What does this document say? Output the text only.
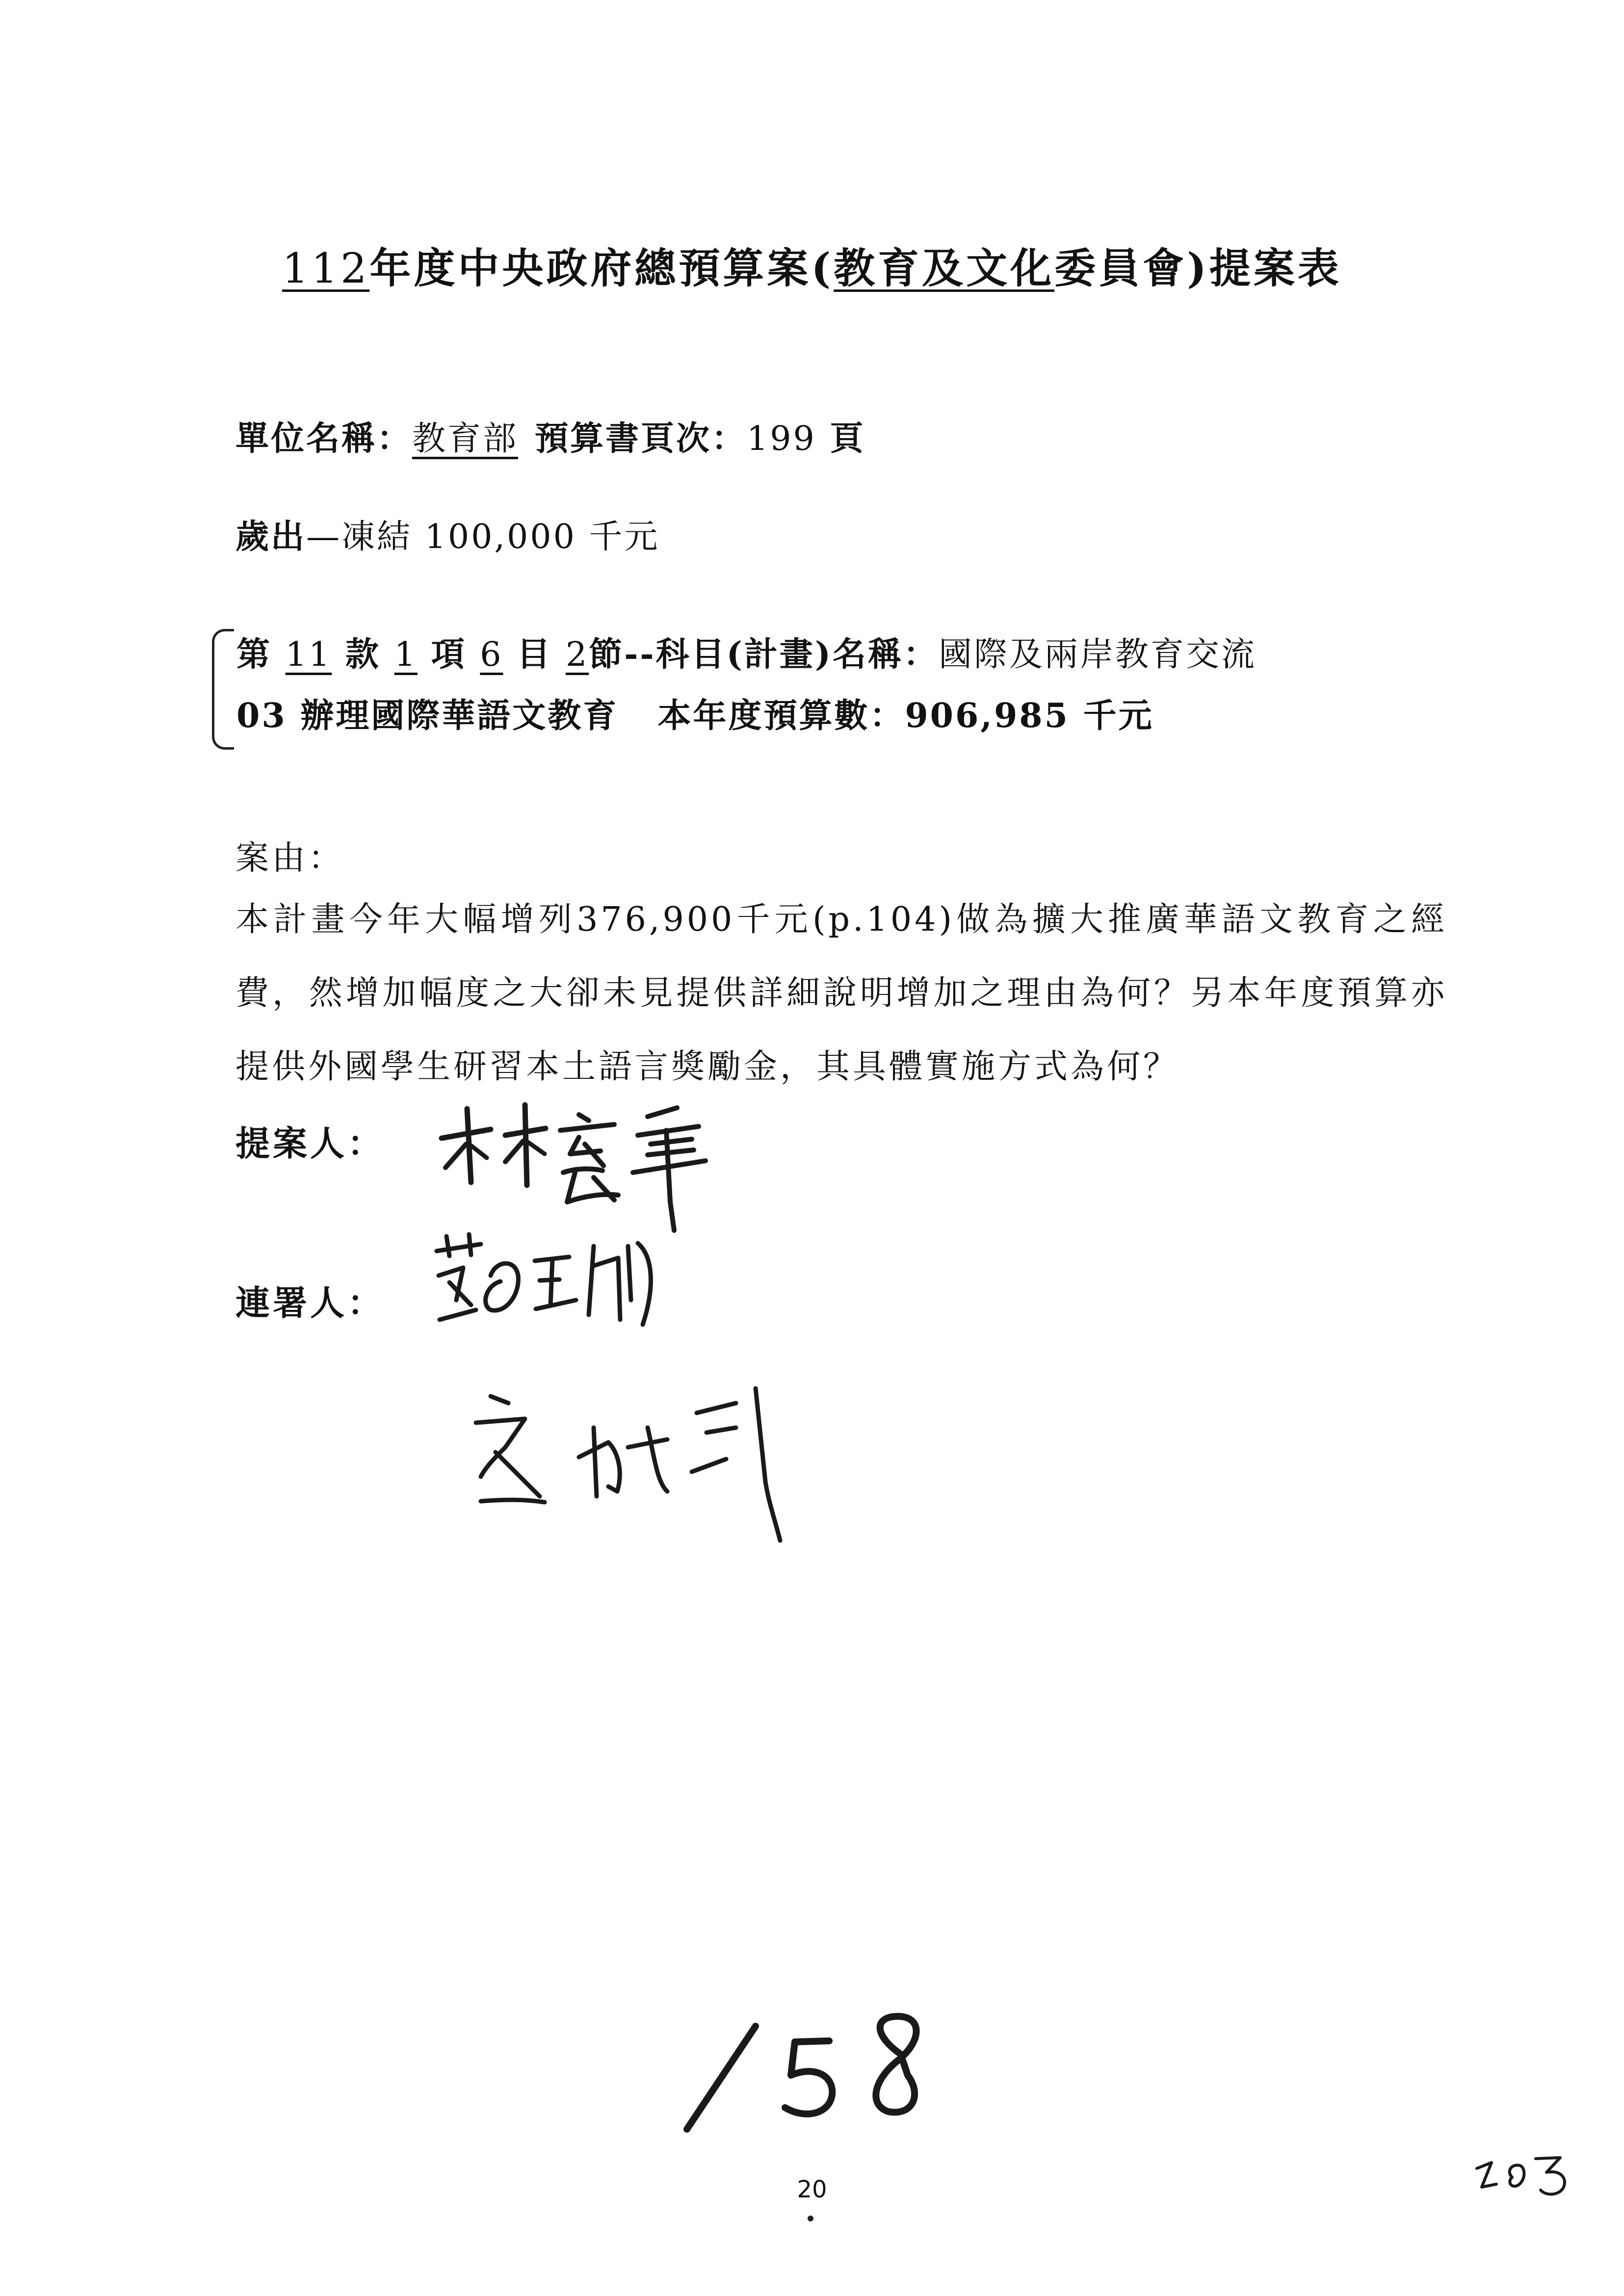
112年度中央政府總預算案(教育及文化委員會)提案表
單位名稱：教育部 預算書頁次：199 頁
歲出—凍結 100,000 千元
第 11 款 1 項 6 目 2節--科目(計畫)名稱：國際及兩岸教育交流
03 辦理國際華語文教育 本年度預算數：906,985 千元
案由：
本計畫今年大幅增列376,900千元(p.104)做為擴大推廣華語文教育之經費，然增加幅度之大卻未見提供詳細說明增加之理由為何？另本年度預算亦提供外國學生研習本土語言獎勵金，其具體實施方式為何？
提案人：
連署人：
20
